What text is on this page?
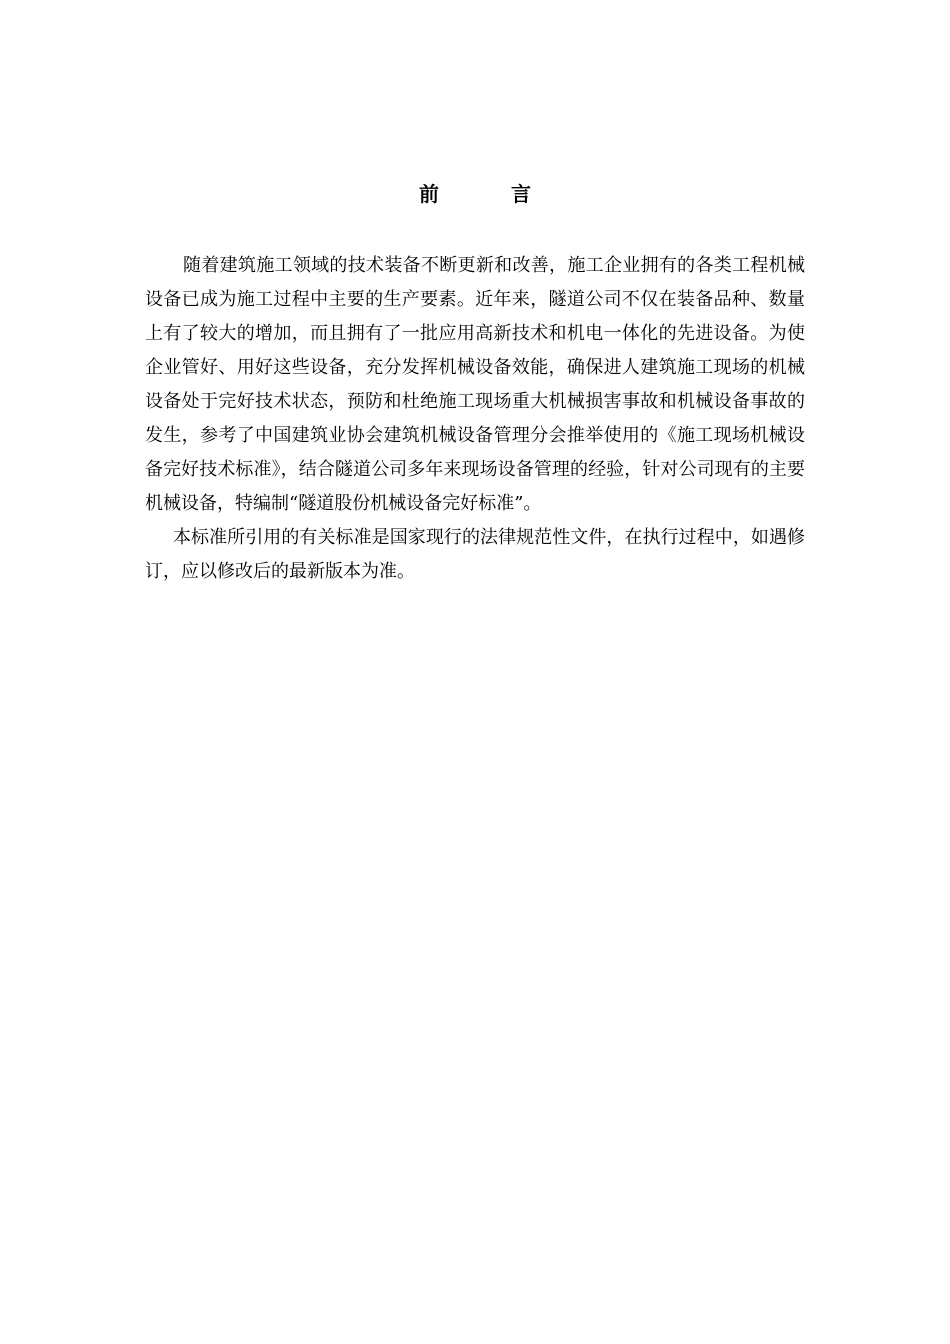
前　言

随着建筑施工领域的技术装备不断更新和改善，施工企业拥有的各类工程机械设备已成为施工过程中主要的生产要素。近年来，隧道公司不仅在装备品种、数量上有了较大的增加，而且拥有了一批应用高新技术和机电一体化的先进设备。为使企业管好、用好这些设备，充分发挥机械设备效能，确保进人建筑施工现场的机械设备处于完好技术状态，预防和杜绝施工现场重大机械损害事故和机械设备事故的发生，参考了中国建筑业协会建筑机械设备管理分会推举使用的《施工现场机械设备完好技术标准》，结合隧道公司多年来现场设备管理的经验，针对公司现有的主要机械设备，特编制“隧道股份机械设备完好标准”。

本标准所引用的有关标准是国家现行的法律规范性文件，在执行过程中，如遇修订，应以修改后的最新版本为准。
